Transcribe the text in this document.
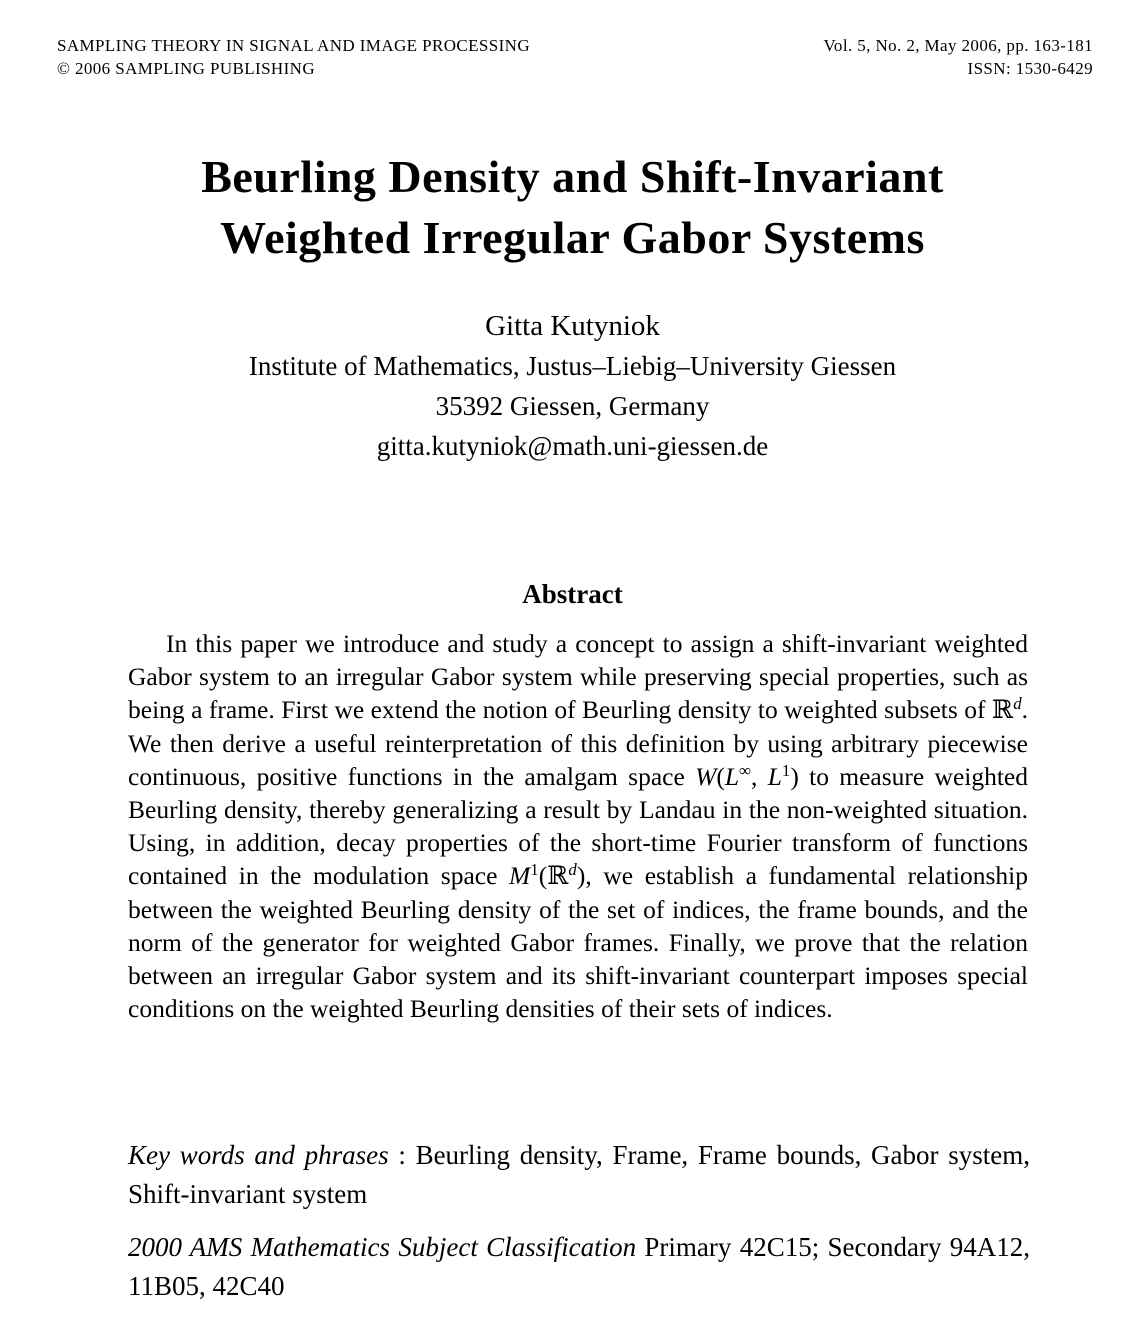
SAMPLING THEORY IN SIGNAL AND IMAGE PROCESSING
© 2006 SAMPLING PUBLISHING
Vol. 5, No. 2, May 2006, pp. 163-181
ISSN: 1530-6429
Beurling Density and Shift-Invariant
Weighted Irregular Gabor Systems
Gitta Kutyniok
Institute of Mathematics, Justus–Liebig–University Giessen
35392 Giessen, Germany
gitta.kutyniok@math.uni-giessen.de
Abstract
In this paper we introduce and study a concept to assign a shift-invariant weighted Gabor system to an irregular Gabor system while preserving special properties, such as being a frame. First we extend the notion of Beurling density to weighted subsets of ℝ$^d$. We then derive a useful reinterpretation of this definition by using arbitrary piecewise continuous, positive functions in the amalgam space W(L∞, $L^1$) to measure weighted Beurling density, thereby generalizing a result by Landau in the non-weighted situation. Using, in addition, decay properties of the short-time Fourier transform of functions contained in the modulation space $M^1(ℝ^d)$, we establish a fundamental relationship between the weighted Beurling density of the set of indices, the frame bounds, and the norm of the generator for weighted Gabor frames. Finally, we prove that the relation between an irregular Gabor system and its shift-invariant counterpart imposes special conditions on the weighted Beurling densities of their sets of indices.
Key words and phrases : Beurling density, Frame, Frame bounds, Gabor system, Shift-invariant system
2000 AMS Mathematics Subject Classification Primary 42C15; Secondary 94A12, 11B05, 42C40
